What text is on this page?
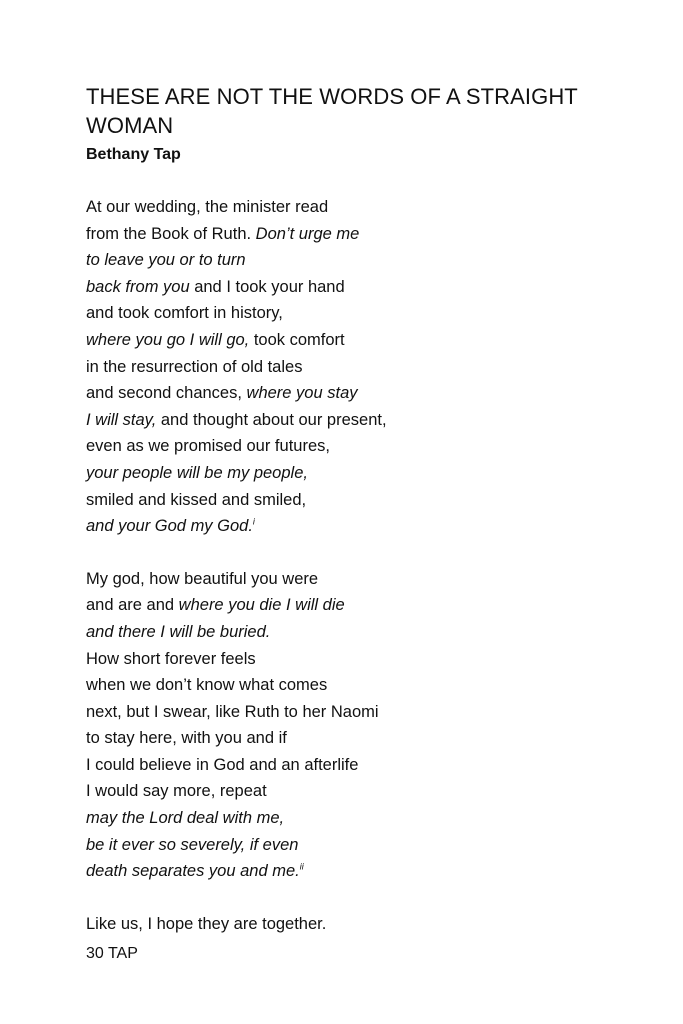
THESE ARE NOT THE WORDS OF A STRAIGHT WOMAN
Bethany Tap
At our wedding, the minister read
from the Book of Ruth. Don’t urge me
to leave you or to turn
back from you and I took your hand
and took comfort in history,
where you go I will go, took comfort
in the resurrection of old tales
and second chances, where you stay
I will stay, and thought about our present,
even as we promised our futures,
your people will be my people,
smiled and kissed and smiled,
and your God my God.$^i$
My god, how beautiful you were
and are and where you die I will die
and there I will be buried.
How short forever feels
when we don’t know what comes
next, but I swear, like Ruth to her Naomi
to stay here, with you and if
I could believe in God and an afterlife
I would say more, repeat
may the Lord deal with me,
be it ever so severely, if even
death separates you and me.$^{ii}$
Like us, I hope they are together.
30 TAP
